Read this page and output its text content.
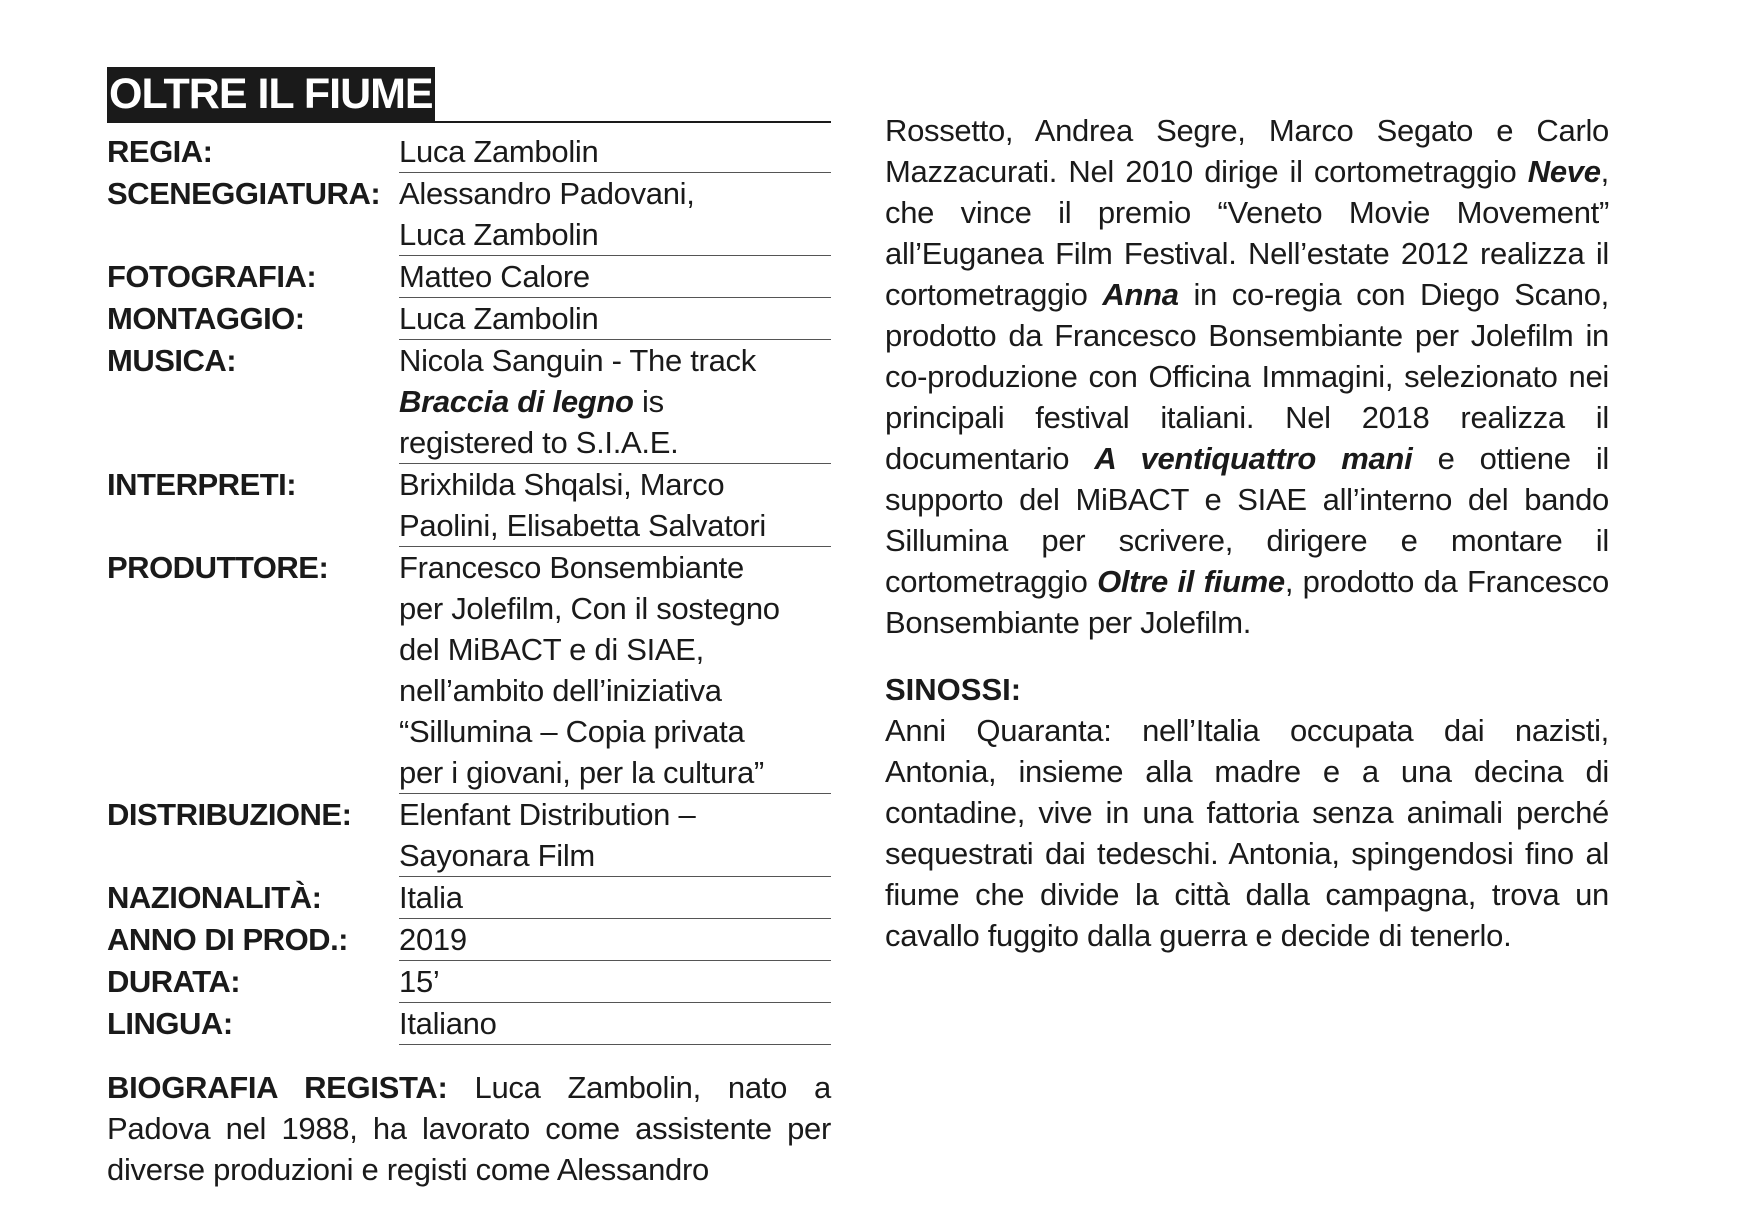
OLTRE IL FIUME
REGIA:	Luca Zambolin
SCENEGGIATURA: Alessandro Padovani,
Luca Zambolin
FOTOGRAFIA:	Matteo Calore
MONTAGGIO:	Luca Zambolin
MUSICA:	Nicola Sanguin - The track
Braccia di legno is
registered to S.I.A.E.
INTERPRETI:	Brixhilda Shqalsi, Marco
Paolini, Elisabetta Salvatori
PRODUTTORE:	Francesco Bonsembiante
per Jolefilm, Con il sostegno
del MiBACT e di SIAE,
nell’ambito dell’iniziativa
“Sillumina – Copia privata
per i giovani, per la cultura”
DISTRIBUZIONE:	Elenfant Distribution –
Sayonara Film
NAZIONALITÀ:	Italia
ANNO DI PROD.:	2019
DURATA:	15’
LINGUA:	Italiano

BIOGRAFIA REGISTA: Luca Zambolin, nato a Padova nel 1988, ha lavorato come assistente per diverse produzioni e registi come Alessandro

Rossetto, Andrea Segre, Marco Segato e Carlo Mazzacurati. Nel 2010 dirige il cortometraggio Neve, che vince il premio “Veneto Movie Movement” all’Euganea Film Festival. Nell’estate 2012 realizza il cortometraggio Anna in co-regia con Diego Scano, prodotto da Francesco Bonsembiante per Jolefilm in co-produzione con Officina Immagini, selezionato nei principali festival italiani. Nel 2018 realizza il documentario A ventiquattro mani e ottiene il supporto del MiBACT e SIAE all’interno del bando Sillumina per scrivere, dirigere e montare il cortometraggio Oltre il fiume, prodotto da Francesco Bonsembiante per Jolefilm.

SINOSSI:

Anni Quaranta: nell’Italia occupata dai nazisti, Antonia, insieme alla madre e a una decina di contadine, vive in una fattoria senza animali perché sequestrati dai tedeschi. Antonia, spingendosi fino al fiume che divide la città dalla campagna, trova un cavallo fuggito dalla guerra e decide di tenerlo.
